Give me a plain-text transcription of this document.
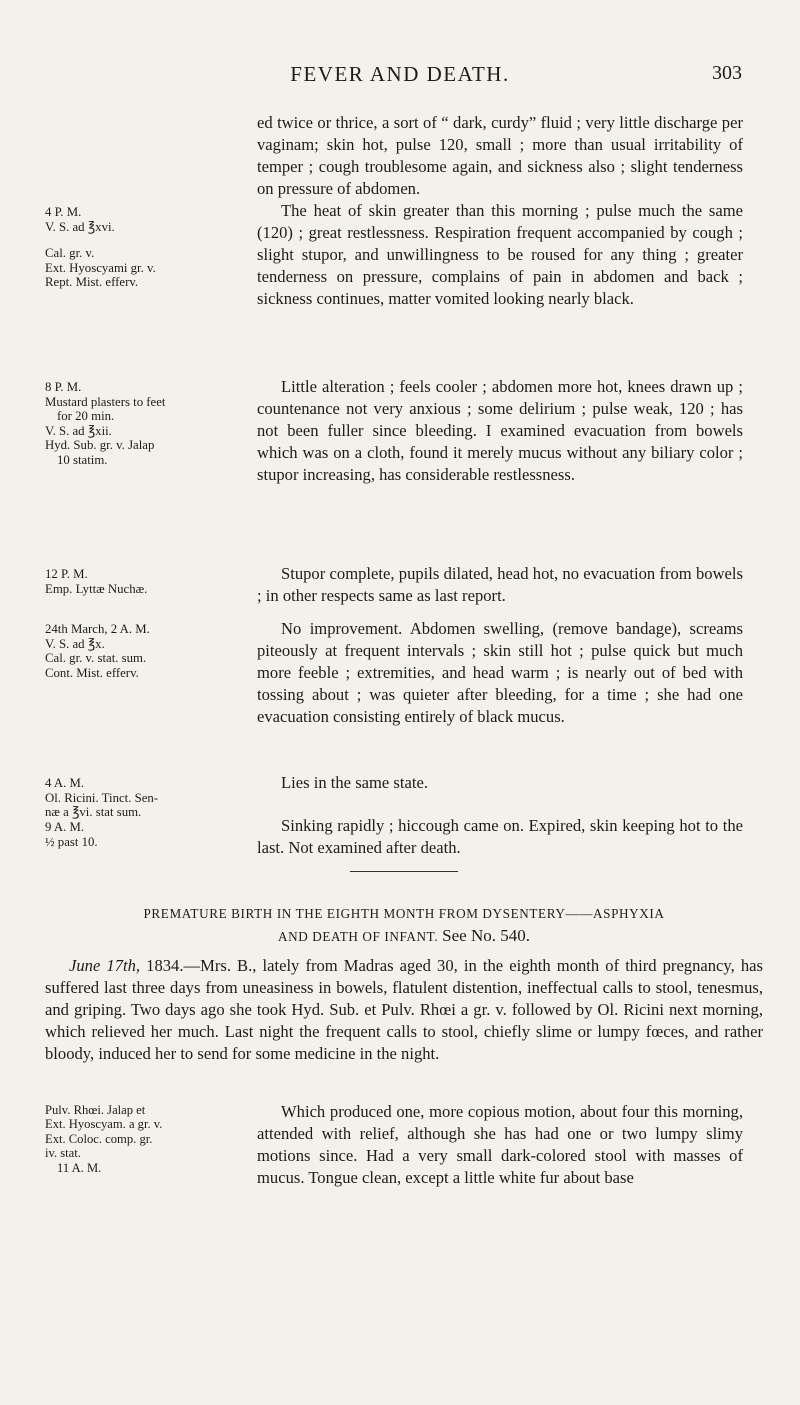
FEVER AND DEATH.	303
ed twice or thrice, a sort of “ dark, curdy” fluid ; very little discharge per vaginam; skin hot, pulse 120, small ; more than usual irritability of temper ; cough troublesome again, and sickness also ; slight tenderness on pressure of abdomen.
4 P. M.
V. S. ad ℥xvi.
Cal. gr. v.
Ext. Hyoscyami gr. v.
Rept. Mist. efferv.
The heat of skin greater than this morning ; pulse much the same (120) ; great restlessness. Respiration frequent accompanied by cough ; slight stupor, and unwillingness to be roused for any thing ; greater tenderness on pressure, complains of pain in abdomen and back ; sickness continues, matter vomited looking nearly black.
8 P. M.
Mustard plasters to feet
for 20 min.
V. S. ad ℥xii.
Hyd. Sub. gr. v. Jalap
10 statim.
Little alteration ; feels cooler ; abdomen more hot, knees drawn up ; countenance not very anxious ; some delirium ; pulse weak, 120 ; has not been fuller since bleeding. I examined evacuation from bowels which was on a cloth, found it merely mucus without any biliary color ; stupor increasing, has considerable restlessness.
12 P. M.
Emp. Lyttæ Nuchæ.
Stupor complete, pupils dilated, head hot, no evacuation from bowels ; in other respects same as last report.
24th March, 2 A. M.
V. S. ad ℥x.
Cal. gr. v. stat. sum.
Cont. Mist. efferv.
No improvement. Abdomen swelling, (remove bandage), screams piteously at frequent intervals ; skin still hot ; pulse quick but much more feeble ; extremities, and head warm ; is nearly out of bed with tossing about ; was quieter after bleeding, for a time ; she had one evacuation consisting entirely of black mucus.
4 A. M.
Ol. Ricini. Tinct. Sen-
næ a ℥vi. stat sum.
Lies in the same state.
9 A. M.
½ past 10.
Sinking rapidly ; hiccough came on. Expired, skin keeping hot to the last. Not examined after death.
PREMATURE BIRTH IN THE EIGHTH MONTH FROM DYSENTERY——ASPHYXIA
AND DEATH OF INFANT. See No. 540.
June 17th, 1834.—Mrs. B., lately from Madras aged 30, in the eighth month of third pregnancy, has suffered last three days from uneasiness in bowels, flatulent distention, ineffectual calls to stool, tenesmus, and griping. Two days ago she took Hyd. Sub. et Pulv. Rhœi a gr. v. followed by Ol. Ricini next morning, which relieved her much. Last night the frequent calls to stool, chiefly slime or lumpy fœces, and rather bloody, induced her to send for some medicine in the night.
Pulv. Rhœi. Jalap et
Ext. Hyoscyam. a gr. v.
Ext. Coloc. comp. gr.
iv. stat.
11 A. M.
Which produced one, more copious motion, about four this morning, attended with relief, although she has had one or two lumpy slimy motions since. Had a very small dark-colored stool with masses of mucus. Tongue clean, except a little white fur about base
